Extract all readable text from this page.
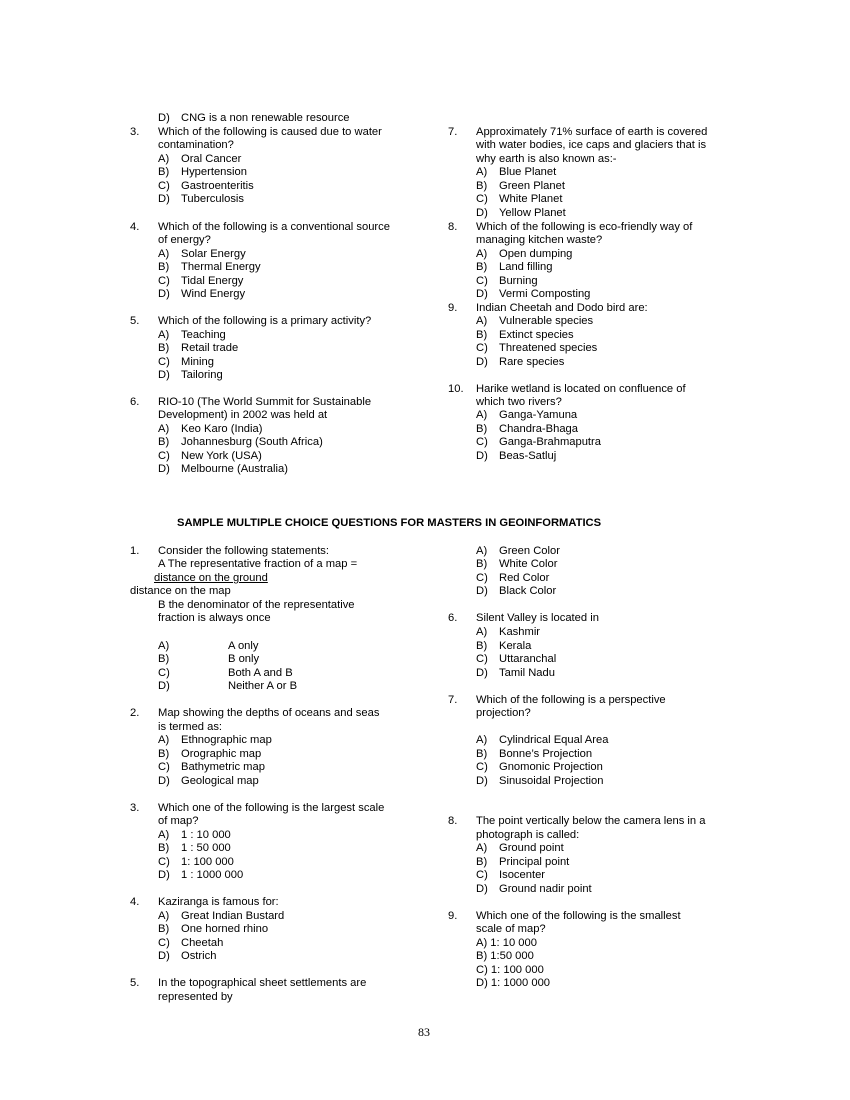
D) CNG is a non renewable resource
3. Which of the following is caused due to water
contamination?
A) Oral Cancer
B) Hypertension
C) Gastroenteritis
D) Tuberculosis
4. Which of the following is a conventional source
of energy?
A) Solar Energy
B) Thermal Energy
C) Tidal Energy
D) Wind Energy
5. Which of the following is a primary activity?
A) Teaching
B) Retail trade
C) Mining
D) Tailoring
6. RIO-10 (The World Summit for Sustainable
Development) in 2002 was held at
A) Keo Karo (India)
B) Johannesburg (South Africa)
C) New York (USA)
D) Melbourne (Australia)
7. Approximately 71% surface of earth is covered
with water bodies, ice caps and glaciers that is
why earth is also known as:-
A) Blue Planet
B) Green Planet
C) White Planet
D) Yellow Planet
8. Which of the following is eco-friendly way of
managing kitchen waste?
A) Open dumping
B) Land filling
C) Burning
D) Vermi Composting
9. Indian Cheetah and Dodo bird are:
A) Vulnerable species
B) Extinct species
C) Threatened species
D) Rare species
10. Harike wetland is located on confluence of
which two rivers?
A) Ganga-Yamuna
B) Chandra-Bhaga
C) Ganga-Brahmaputra
D) Beas-Satluj
SAMPLE MULTIPLE CHOICE QUESTIONS FOR MASTERS IN GEOINFORMATICS
1. Consider the following statements:
A The representative fraction of a map =
distance on the ground
distance on the map
B the denominator of the representative
fraction is always once
A)	A only
B)	B only
C)	Both A and B
D)	Neither A or B
2. Map showing the depths of oceans and seas
is termed as:
A) Ethnographic map
B) Orographic map
C) Bathymetric map
D) Geological map
3. Which one of the following is the largest scale
of map?
A) 1 : 10 000
B) 1 : 50 000
C) 1: 100 000
D) 1 : 1000 000
4. Kaziranga is famous for:
A) Great Indian Bustard
B) One horned rhino
C) Cheetah
D) Ostrich
5. In the topographical sheet settlements are
represented by
A) Green Color
B) White Color
C) Red Color
D) Black Color
6. Silent Valley is located in
A) Kashmir
B) Kerala
C) Uttaranchal
D) Tamil Nadu
7. Which of the following is a perspective
projection?
A) Cylindrical Equal Area
B) Bonne’s Projection
C) Gnomonic Projection
D) Sinusoidal Projection
8. The point vertically below the camera lens in a
photograph is called:
A) Ground point
B) Principal point
C) Isocenter
D) Ground nadir point
9. Which one of the following is the smallest
scale of map?
A) 1: 10 000
B) 1:50 000
C) 1: 100 000
D) 1: 1000 000
83
